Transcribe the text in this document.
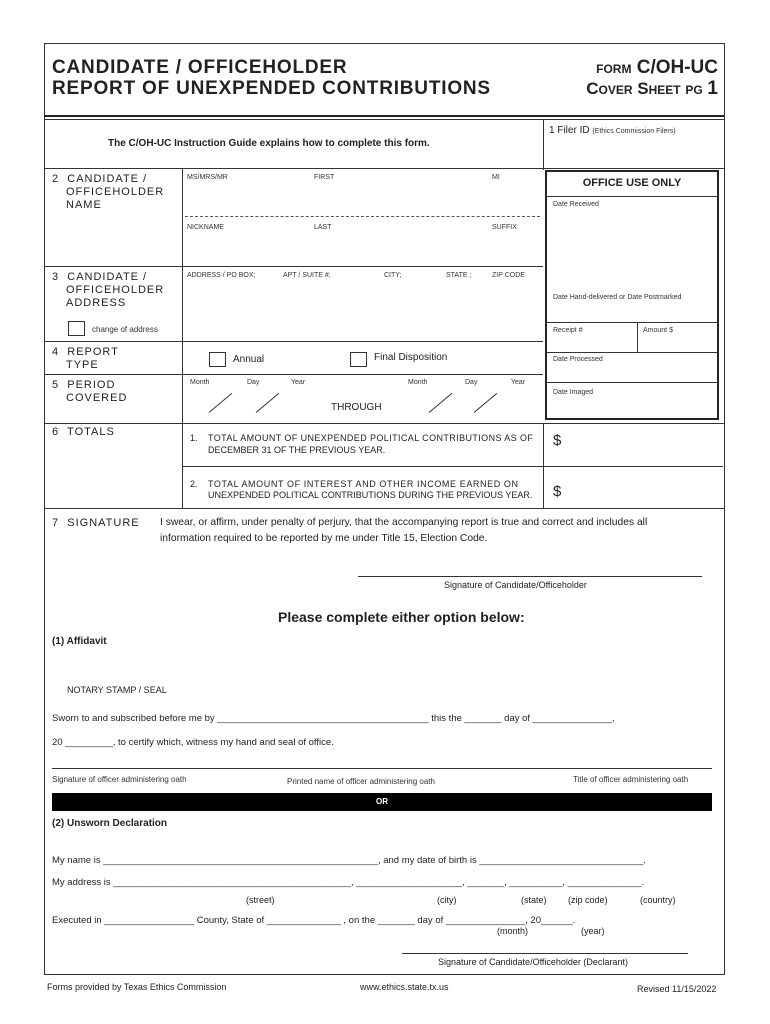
CANDIDATE / OFFICEHOLDER
REPORT OF UNEXPENDED CONTRIBUTIONS
FORM C/OH-UC
Cover Sheet pg 1
The C/OH-UC Instruction Guide explains how to complete this form.
1 Filer ID (Ethics Commission Filers)
2 CANDIDATE /
OFFICEHOLDER
NAME
MS/MRS/MR	FIRST	MI
NICKNAME	LAST	SUFFIX
3 CANDIDATE /
OFFICEHOLDER
ADDRESS
ADDRESS / PO BOX;	APT / SUITE #;	CITY;	STATE ;	ZIP CODE
change of address
4 REPORT
TYPE	Annual	Final Disposition
5 PERIOD
COVERED
Month	Day	Year
THROUGH
Month	Day	Year
OFFICE USE ONLY
Date Received
Date Hand-delivered or Date Postmarked
Receipt #	Amount $
Date Processed
Date Imaged
6 TOTALS	1. TOTAL AMOUNT OF UNEXPENDED POLITICAL CONTRIBUTIONS AS OF
DECEMBER 31 OF THE PREVIOUS YEAR.
$
2. TOTAL AMOUNT OF INTEREST AND OTHER INCOME EARNED ON
UNEXPENDED POLITICAL CONTRIBUTIONS DURING THE PREVIOUS YEAR. $
7 SIGNATURE I swear, or affirm, under penalty of perjury, that the accompanying report is true and correct and includes all
information required to be reported by me under Title 15, Election Code.
Signature of Candidate/Officeholder
Please complete either option below:
(1) Affidavit
NOTARY STAMP / SEAL
Sworn to and subscribed before me by ________________________________________ this the _______ day of _______________,
20 _________, to certify which, witness my hand and seal of office.
Signature of officer administering oath	Printed name of officer administering oath	Title of officer administering oath
OR
(2) Unsworn Declaration
My name is ____________________________________________________, and my date of birth is _______________________________.
My address is _____________________________________________, ____________________, _______, __________, ______________.
(street)	(city)	(state) (zip code)	(country)
Executed in _________________ County, State of ______________ , on the _______ day of _______________, 20______.
(month)	(year)
Signature of Candidate/Officeholder (Declarant)
Forms provided by Texas Ethics Commission	www.ethics.state.tx.us	Revised 11/15/2022
